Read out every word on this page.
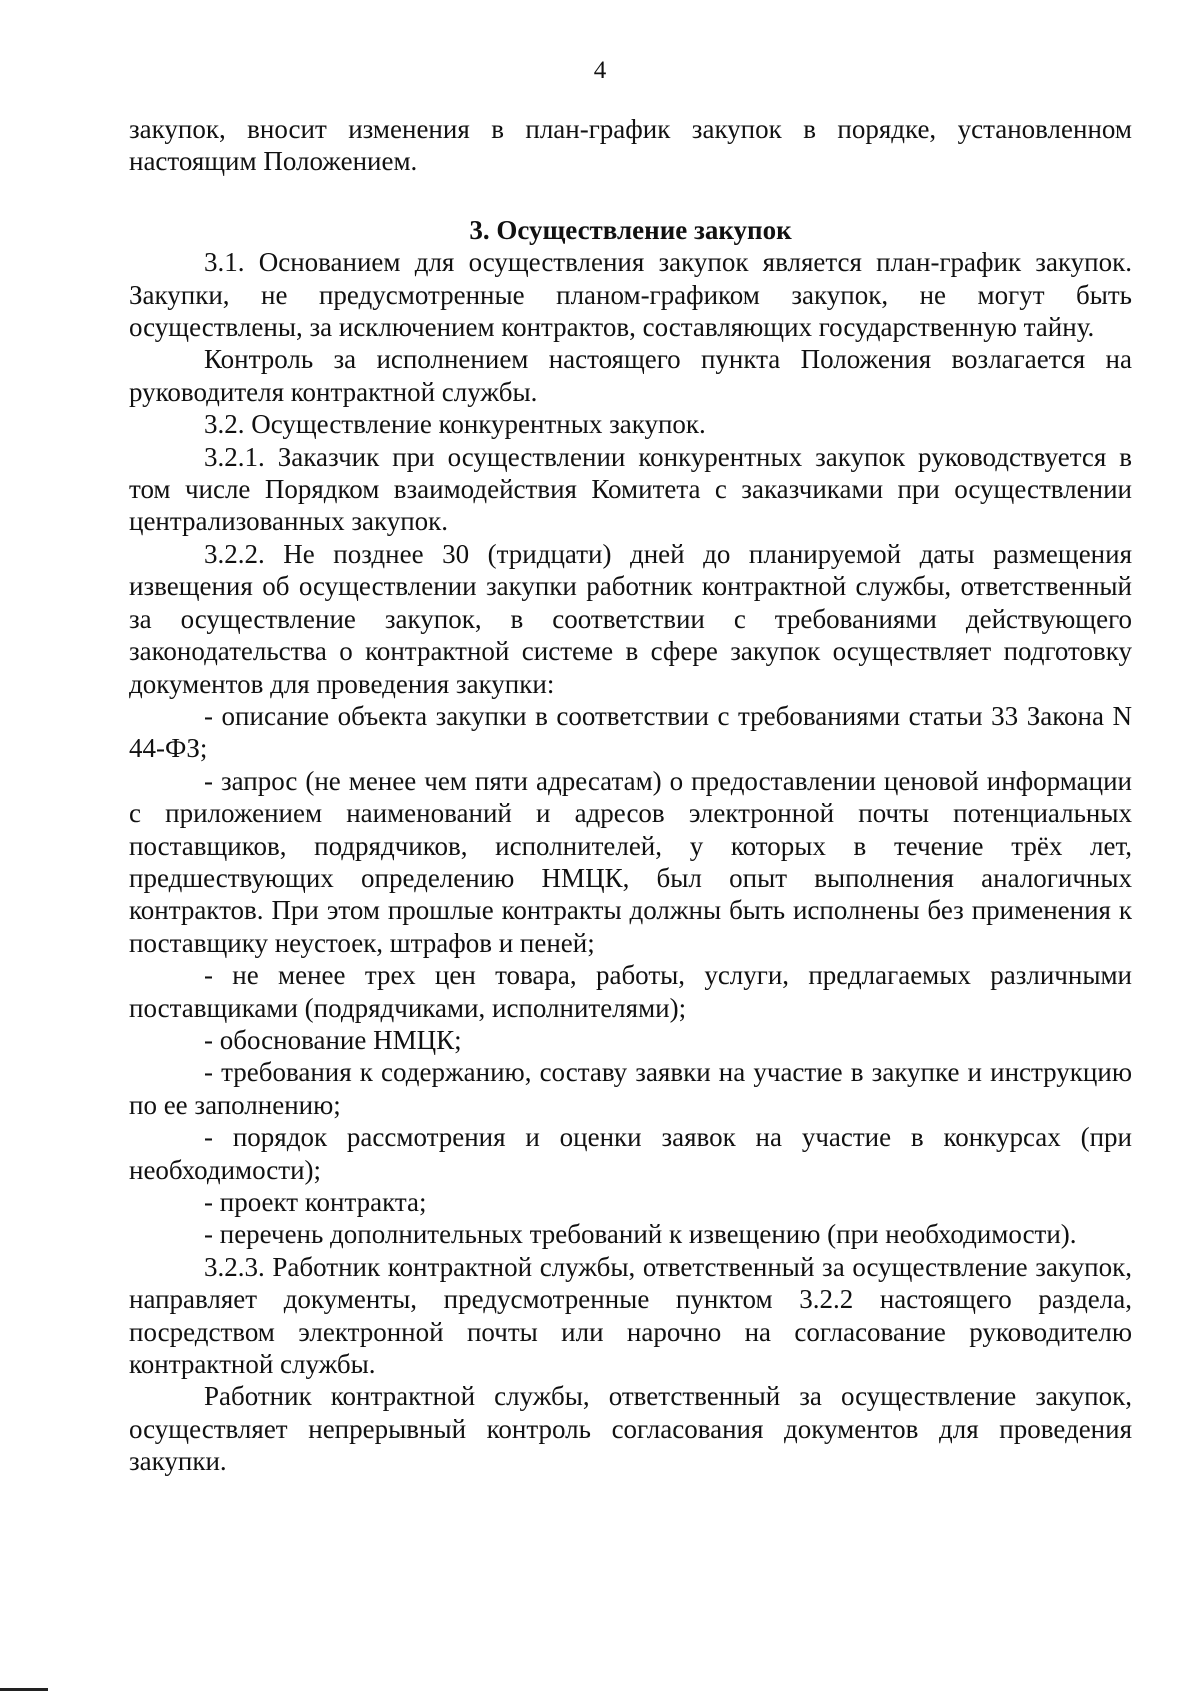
4

закупок, вносит изменения в план-график закупок в порядке, установленном настоящим Положением.

3. Осуществление закупок

3.1. Основанием для осуществления закупок является план-график закупок. Закупки, не предусмотренные планом-графиком закупок, не могут быть осуществлены, за исключением контрактов, составляющих государственную тайну.

Контроль за исполнением настоящего пункта Положения возлагается на руководителя контрактной службы.

3.2. Осуществление конкурентных закупок.

3.2.1. Заказчик при осуществлении конкурентных закупок руководствуется в том числе Порядком взаимодействия Комитета с заказчиками при осуществлении централизованных закупок.

3.2.2. Не позднее 30 (тридцати) дней до планируемой даты размещения извещения об осуществлении закупки работник контрактной службы, ответственный за осуществление закупок, в соответствии с требованиями действующего законодательства о контрактной системе в сфере закупок осуществляет подготовку документов для проведения закупки:

- описание объекта закупки в соответствии с требованиями статьи 33 Закона N 44-ФЗ;

- запрос (не менее чем пяти адресатам) о предоставлении ценовой информации с приложением наименований и адресов электронной почты потенциальных поставщиков, подрядчиков, исполнителей, у которых в течение трёх лет, предшествующих определению НМЦК, был опыт выполнения аналогичных контрактов. При этом прошлые контракты должны быть исполнены без применения к поставщику неустоек, штрафов и пеней;

- не менее трех цен товара, работы, услуги, предлагаемых различными поставщиками (подрядчиками, исполнителями);

- обоснование НМЦК;

- требования к содержанию, составу заявки на участие в закупке и инструкцию по ее заполнению;

- порядок рассмотрения и оценки заявок на участие в конкурсах (при необходимости);

- проект контракта;

- перечень дополнительных требований к извещению (при необходимости).

3.2.3. Работник контрактной службы, ответственный за осуществление закупок, направляет документы, предусмотренные пунктом 3.2.2 настоящего раздела, посредством электронной почты или нарочно на согласование руководителю контрактной службы.

Работник контрактной службы, ответственный за осуществление закупок, осуществляет непрерывный контроль согласования документов для проведения закупки.
